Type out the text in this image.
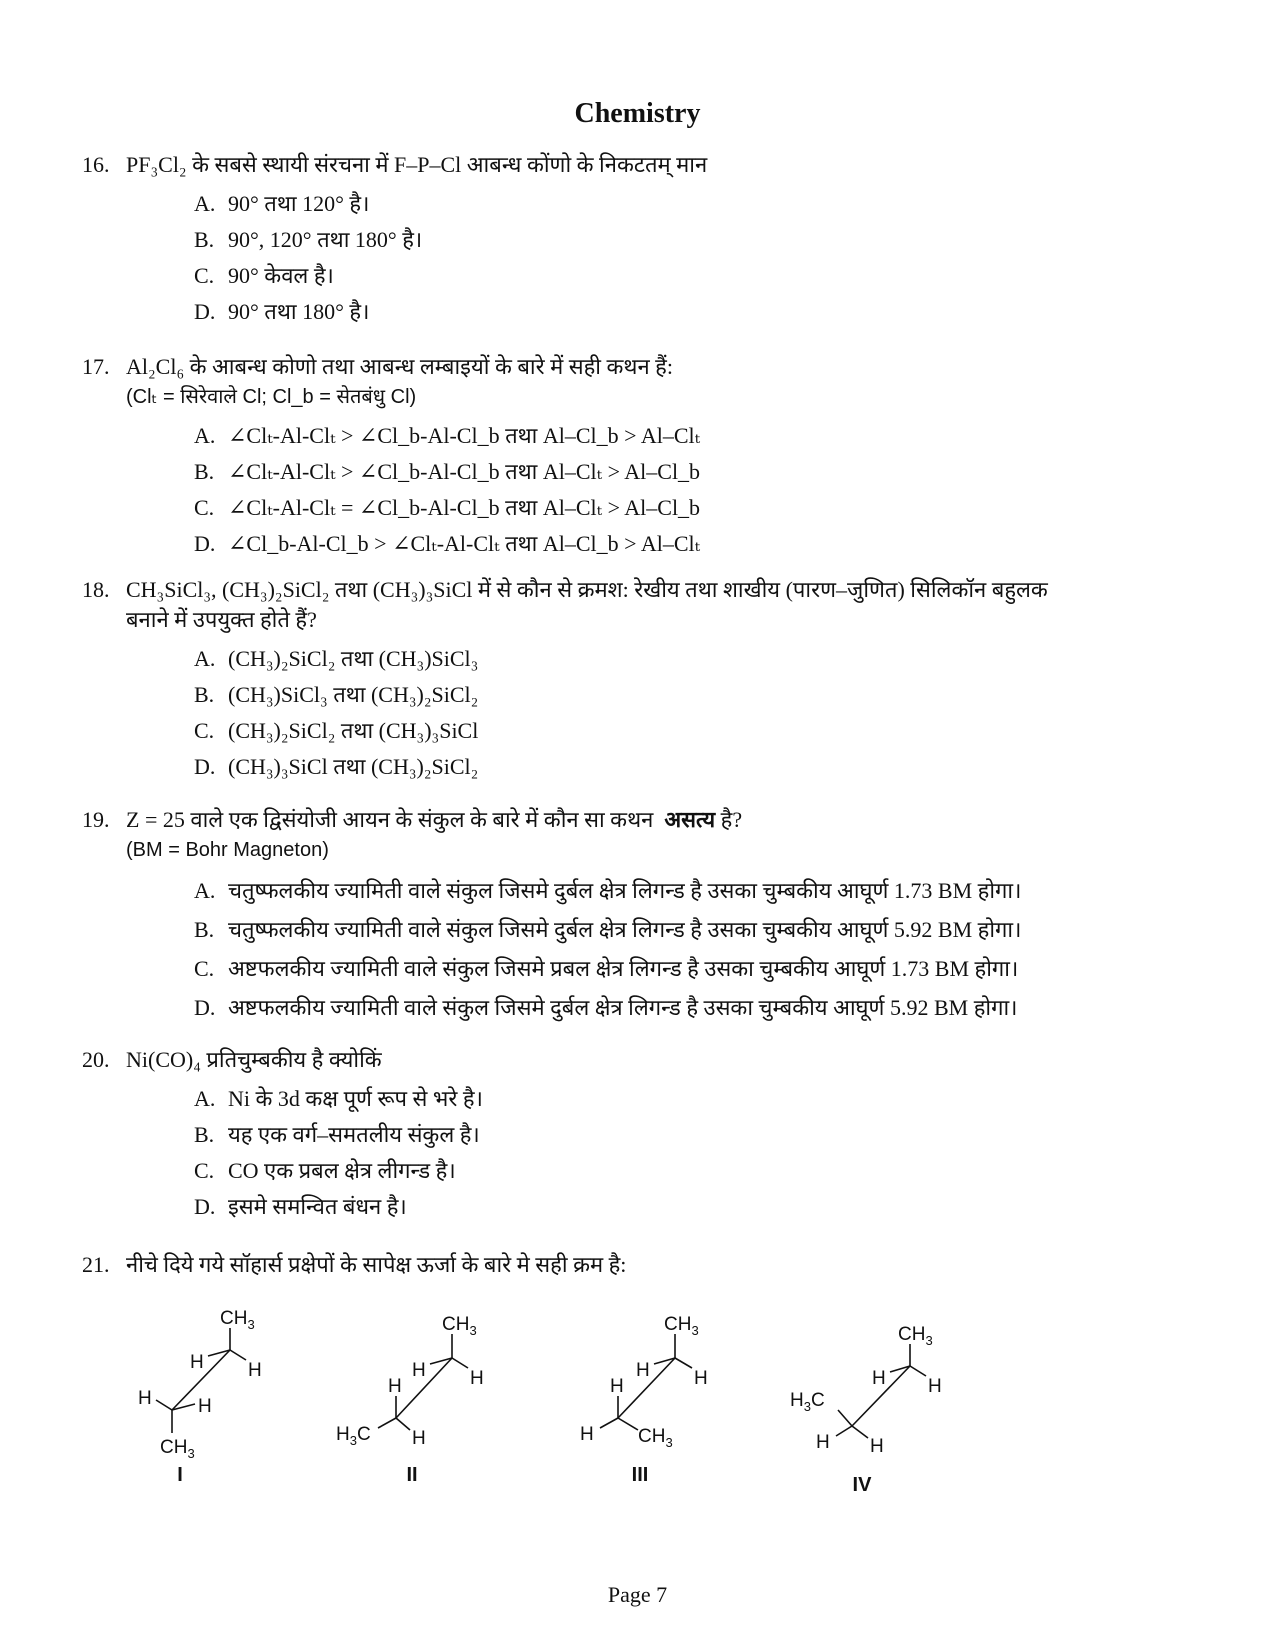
Chemistry
16. PF₃Cl₂ के सबसे स्थायी संरचना में F–P–Cl आबन्ध कोंणो के निकटतम् मान
A. 90° तथा 120° है।
B. 90°, 120° तथा 180° है।
C. 90° केवल है।
D. 90° तथा 180° है।
17. Al₂Cl₆ के आबन्ध कोणो तथा आबन्ध लम्बाइयों के बारे में सही कथन हैं:
(Clₜ = सिरेवाले Cl; Cl_b = सेतबंधु Cl)
A. ∠Clₜ-Al-Clₜ > ∠Cl_b-Al-Cl_b तथा Al–Cl_b > Al–Clₜ
B. ∠Clₜ-Al-Clₜ > ∠Cl_b-Al-Cl_b तथा Al–Clₜ > Al–Cl_b
C. ∠Clₜ-Al-Clₜ = ∠Cl_b-Al-Cl_b तथा Al–Clₜ > Al–Cl_b
D. ∠Cl_b-Al-Cl_b > ∠Clₜ-Al-Clₜ तथा Al–Cl_b > Al–Clₜ
18. CH₃SiCl₃, (CH₃)₂SiCl₂ तथा (CH₃)₃SiCl में से कौन से क्रमश: रेखीय तथा शाखीय (पारण–जुणित) सिलिकॉन बहुलक
बनाने में उपयुक्त होते हैं?
A. (CH₃)₂SiCl₂ तथा (CH₃)SiCl₃
B. (CH₃)SiCl₃ तथा (CH₃)₂SiCl₂
C. (CH₃)₂SiCl₂ तथा (CH₃)₃SiCl
D. (CH₃)₃SiCl तथा (CH₃)₂SiCl₂
19. Z = 25 वाले एक द्विसंयोजी आयन के संकुल के बारे में कौन सा कथन असत्य है?
(BM = Bohr Magneton)
A. चतुष्फलकीय ज्यामिती वाले संकुल जिसमे दुर्बल क्षेत्र लिगन्ड है उसका चुम्बकीय आघूर्ण 1.73 BM होगा।
B. चतुष्फलकीय ज्यामिती वाले संकुल जिसमे दुर्बल क्षेत्र लिगन्ड है उसका चुम्बकीय आघूर्ण 5.92 BM होगा।
C. अष्टफलकीय ज्यामिती वाले संकुल जिसमे प्रबल क्षेत्र लिगन्ड है उसका चुम्बकीय आघूर्ण 1.73 BM होगा।
D. अष्टफलकीय ज्यामिती वाले संकुल जिसमे दुर्बल क्षेत्र लिगन्ड है उसका चुम्बकीय आघूर्ण 5.92 BM होगा।
20. Ni(CO)₄ प्रतिचुम्बकीय है क्योकिं
A. Ni के 3d कक्ष पूर्ण रूप से भरे है।
B. यह एक वर्ग–समतलीय संकुल है।
C. CO एक प्रबल क्षेत्र लीगन्ड है।
D. इसमे समन्वित बंधन है।
21. नीचे दिये गये सॉहार्स प्रक्षेपों के सापेक्ष ऊर्जा के बारे मे सही क्रम है:
$CH_3$
H H
H H
$CH_3$
I
$CH_3$
H H
H
$H_3C$ H
II
$CH_3$
H H
H
H $CH_3$
III
$CH_3$
H H
$H_3C$
H H
IV
Page 7
